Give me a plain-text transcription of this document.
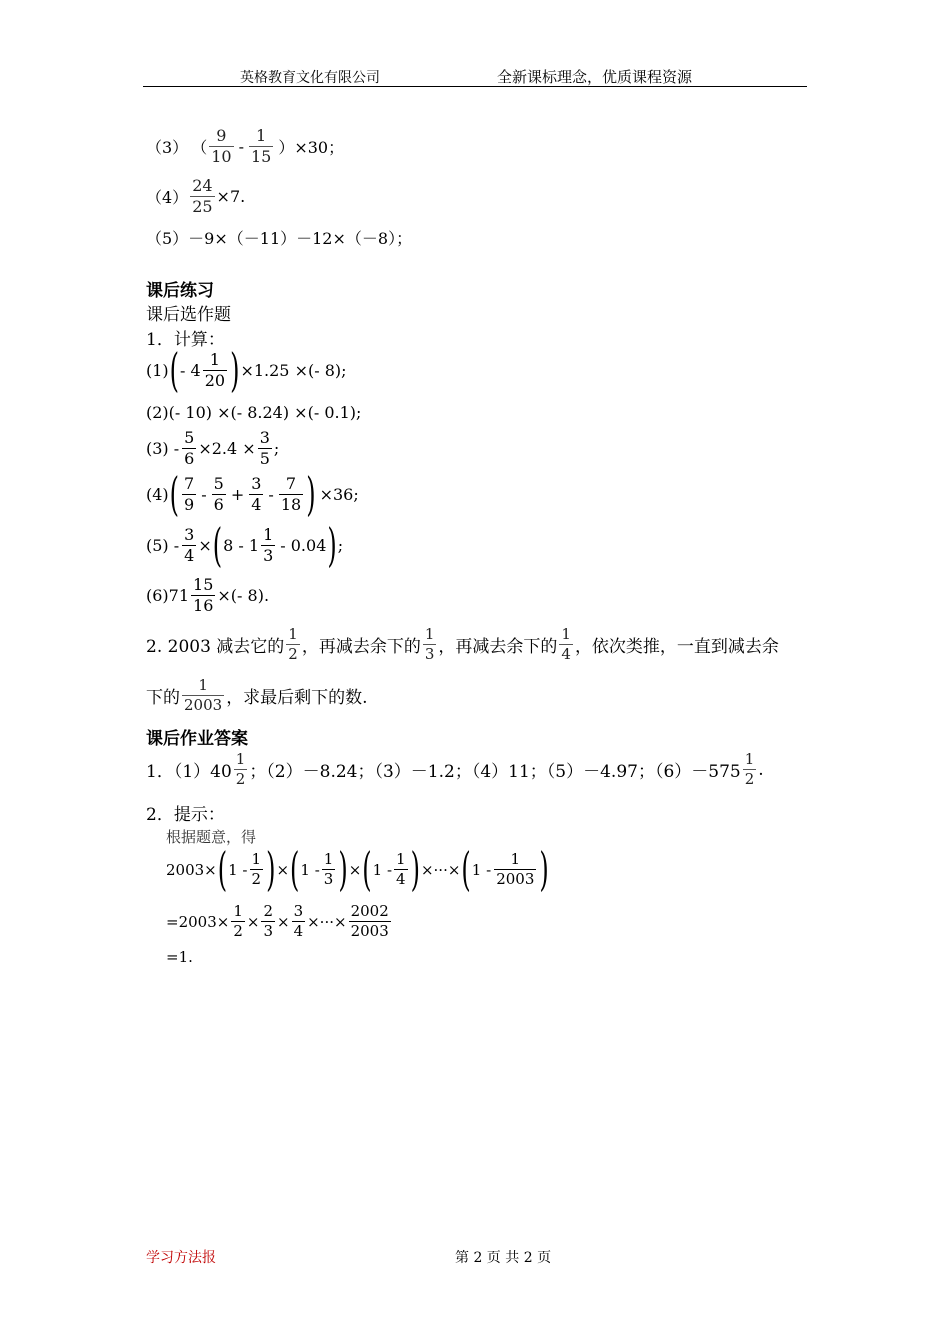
英格教育文化有限公司	全新课标理念，优质课程资源
（3） （ $\frac{9}{10} - \frac{1}{15} )\times 30$；
$(4) \frac{24}{25} \times 7$.
（5）－9×（－11）－12×（－8）；
课后练习
课后选作题
1．计算：
(1) ( - $4 \frac{1}{20}$ ) ×1.25 ×(- 8);
(2)(- 10) ×(- 8.24) ×(- 0.1);
$(3) - \frac{5}{6} \times 2.4 \times \frac{3}{5}$ ;
(4) ( $\frac{7}{9} - \frac{5}{6} + \frac{3}{4} - \frac{7}{18}$ ) ×36;
$(5) - \frac{3}{4}$ × ( $8 - 1 \frac{1}{3} - 0.04$ ) ;
$(6)71 \frac{15}{16}$ ×(- 8).
2. 2003 减去它的 $\frac{1}{2}$ ，再减去余下的 $\frac{1}{3}$ ，再减去余下的 $\frac{1}{4}$ ，依次类推，一直到减去余
下的 $\frac{1}{2003}$ ，求最后剩下的数.
课后作业答案
1．$(1)40 \frac{1}{2}$ ；（2）－8.24；（3）－1.2；（4）11；（5）－4.97；$(6)-575 \frac{1}{2}$ .
2．提示：
根据题意，得
2003× ( $1 - \frac{1}{2}$ ) × ( $1 - \frac{1}{3}$ ) × ( $1 - \frac{1}{4}$ ) ×···× ( $1 - \frac{1}{2003}$ )
$=2003\times \frac{1}{2} \times \frac{2}{3} \times \frac{3}{4}$ ×···× $\frac{2002}{2003}$
=1.
学习方法报	第 2 页 共 2 页
